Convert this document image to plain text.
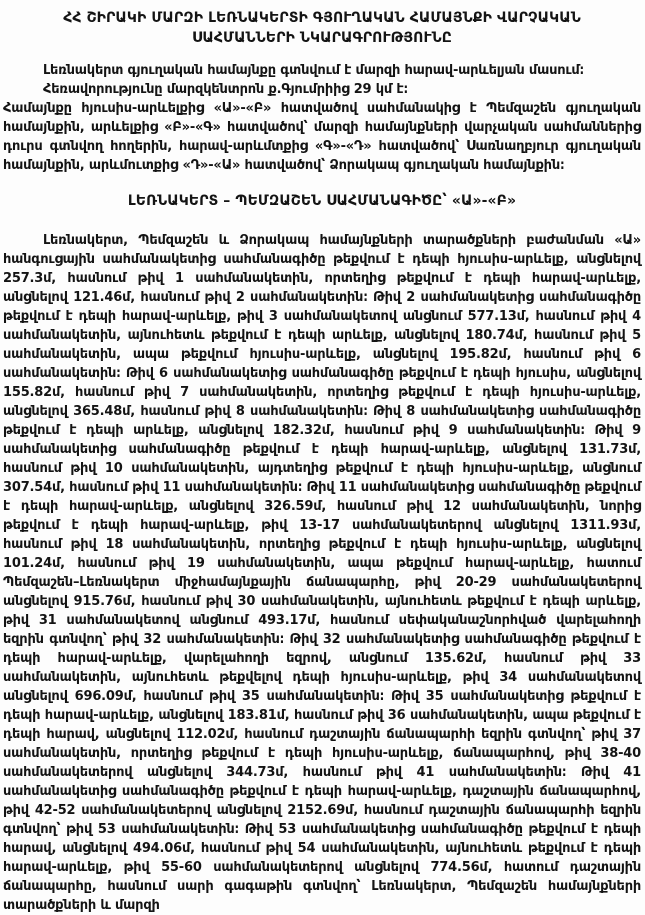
ՀՀ ՇԻՐԱԿԻ ՄԱՐԶԻ ԼԵՌՆԱԿԵՐՏԻ ԳՅՈՒՂԱԿԱՆ ՀԱՄԱՅՆՔԻ ՎԱՐՉԱԿԱՆ
ՍԱՀՄԱՆՆԵՐԻ ՆԿԱՐԱԳՐՈՒԹՅՈՒՆԸ

Լեռնակերտ գյուղական համայնքը գտնվում է մարզի հարավ-արևելյան մասում։

Հեռավորությունը մարզկենտրոն ք.Գյումրիից 29 կմ է։

Համայնքը հյուսիս-արևելքից «Ա»-«Բ» հատվածով սահմանակից է Պեմզաշեն գյուղական համայնքին, արևելքից «Բ»-«Գ» հատվածով՝ մարզի համայնքների վարչական սահմաններից դուրս գտնվող հողերին, հարավ-արևմտքից «Գ»-«Դ» հատվածով՝ Սառնաղբյուր գյուղական համայնքին, արևմուտքից «Դ»-«Ա» հատվածով՝ Ձորակապ գյուղական համայնքին։

ԼԵՌՆԱԿԵՐՏ – ՊԵՄԶԱՇԵՆ ՍԱՀՄԱՆԱԳԻԾԸ՝ «Ա»-«Բ»

Լեռնակերտ, Պեմզաշեն և Ձորակապ համայնքների տարածքների բաժանման «Ա» հանգուցային սահմանակետից սահմանագիծը թեքվում է դեպի հյուսիս-արևելք, անցնելով 257.3մ, հասնում թիվ 1 սահմանակետին, որտեղից թեքվում է դեպի հարավ-արևելք, անցնելով 121.46մ, հասնում թիվ 2 սահմանակետին։ Թիվ 2 սահմանակետից սահմանագիծը թեքվում է դեպի հարավ-արևելք, թիվ 3 սահմանակետով անցնում 577.13մ, հասնում թիվ 4 սահմանակետին, այնուհետև թեքվում է դեպի արևելք, անցնելով 180.74մ, հասնում թիվ 5 սահմանակետին, ապա թեքվում հյուսիս-արևելք, անցնելով 195.82մ, հասնում թիվ 6 սահմանակետին։ Թիվ 6 սահմանակետից սահմանագիծը թեքվում է դեպի հյուսիս, անցնելով 155.82մ, հասնում թիվ 7 սահմանակետին, որտեղից թեքվում է դեպի հյուսիս-արևելք, անցնելով 365.48մ, հասնում թիվ 8 սահմանակետին։ Թիվ 8 սահմանակետից սահմանագիծը թեքվում է դեպի արևելք, անցնելով 182.32մ, հասնում թիվ 9 սահմանակետին։ Թիվ 9 սահմանակետից սահմանագիծը թեքվում է դեպի հարավ-արևելք, անցնելով 131.73մ, հասնում թիվ 10 սահմանակետին, այդտեղից թեքվում է դեպի հյուսիս-արևելք, անցնում 307.54մ, հասնում թիվ 11 սահմանակետին։ Թիվ 11 սահմանակետից սահմանագիծը թեքվում է դեպի հարավ-արևելք, անցնելով 326.59մ, հասնում թիվ 12 սահմանակետին, նորից թեքվում է դեպի հարավ-արևելք, թիվ 13-17 սահմանակետերով անցնելով 1311.93մ, հասնում թիվ 18 սահմանակետին, որտեղից թեքվում է դեպի հյուսիս-արևելք, անցնելով 101.24մ, հասնում թիվ 19 սահմանակետին, ապա թեքվում հարավ-արևելք, հատում Պեմզաշեն–Լեռնակերտ միջհամայնքային ճանապարհը, թիվ 20-29 սահմանակետերով անցնելով 915.76մ, հասնում թիվ 30 սահմանակետին, այնուհետև թեքվում է դեպի արևելք, թիվ 31 սահմանակետով անցնում 493.17մ, հասնում սեփականաշնորհված վարելահողի եզրին գտնվող՝ թիվ 32 սահմանակետին։ Թիվ 32 սահմանակետից սահմանագիծը թեքվում է դեպի հարավ-արևելք, վարելահողի եզրով, անցնում 135.62մ, հասնում թիվ 33 սահմանակետին, այնուհետև թեքվելով դեպի հյուսիս-արևելք, թիվ 34 սահմանակետով անցնելով 696.09մ, հասնում թիվ 35 սահմանակետին։ Թիվ 35 սահմանակետից թեքվում է դեպի հարավ-արևելք, անցնելով 183.81մ, հասնում թիվ 36 սահմանակետին, ապա թեքվում է դեպի հարավ, անցնելով 112.02մ, հասնում դաշտային ճանապարհի եզրին գտնվող՝ թիվ 37 սահմանակետին, որտեղից թեքվում է դեպի հյուսիս-արևելք, ճանապարհով, թիվ 38-40 սահմանակետերով անցնելով 344.73մ, հասնում թիվ 41 սահմանակետին։ Թիվ 41 սահմանակետից սահմանագիծը թեքվում է դեպի հարավ-արևելք, դաշտային ճանապարհով, թիվ 42-52 սահմանակետերով անցնելով 2152.69մ, հասնում դաշտային ճանապարհի եզրին գտնվող՝ թիվ 53 սահմանակետին։ Թիվ 53 սահմանակետից սահմանագիծը թեքվում է դեպի հարավ, անցնելով 494.06մ, հասնում թիվ 54 սահմանակետին, այնուհետև թեքվում է դեպի հարավ-արևելք, թիվ 55-60 սահմանակետերով անցնելով 774.56մ, հատում դաշտային ճանապարհը, հասնում սարի գագաթին գտնվող՝ Լեռնակերտ, Պեմզաշեն համայնքների տարածքների և մարզի
